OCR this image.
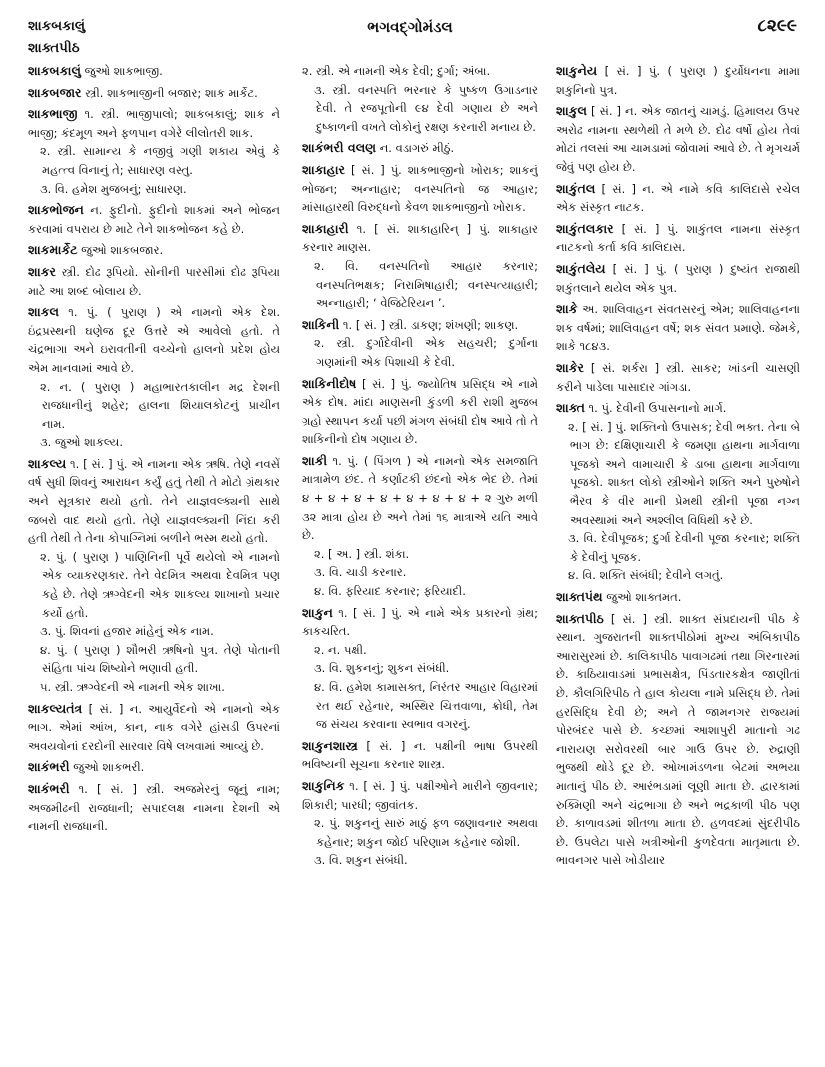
શાકબકાલું
શાક્તપીઠ
ભગવદ્ગોમંડલ	૮૨૯૯
શાકબકાલું જુઓ શાકભાજી.
શાકબજાર સ્ત્રી. શાકભાજીની બજાર; શાક માર્કેટ.
શાકભાજી ૧. સ્ત્રી. ભાજીપાલો; શાકબકાલું; શાક ને ભાજી; કંદમૂળ અને ફળપાન વગેરે લીલોતરી શાક.
૨. સ્ત્રી. સામાન્ય કે નજીવું ગણી શકાય એવું કે મહત્ત્વ વિનાનું તે; સાધારણ વસ્તુ.
૩. વિ. હમેશ મુજબનું; સાધારણ.
શાકભોજન ન. ફુદીનો. ફુદીનો શાકમાં અને ભોજન કરવામાં વપરાય છે માટે તેને શાકભોજન કહે છે.
શાકમાર્કેટ જુઓ શાકબજાર.
શાકર સ્ત્રી. દોઢ રૂપિયો. સોનીની પારસીમાં દોઢ રૂપિયા માટે આ શબ્દ બોલાય છે.
શાકલ ૧. પું. ( પુરાણ ) એ નામનો એક દેશ. ઇંદ્રપ્રસ્થની ઘણેજ દૂર ઉત્તરે એ આવેલો હતો. તે ચંદ્રભાગા અને ઇરાવતીની વચ્ચેનો હાલનો પ્રદેશ હોય એમ માનવામાં આવે છે.
૨. ન. ( પુરાણ ) મહાભારતકાલીન મદ્ર દેશની રાજધાનીનું શહેર; હાલના શિયાલકોટનું પ્રાચીન નામ.
૩. જુઓ શાકલ્ય.
શાકલ્ય ૧. [ સં. ] પું. એ નામના એક ઋષિ. તેણે નવસેં વર્ષ સુધી શિવનું આરાધન કર્યું હતું તેથી તે મોટો ગ્રંથકાર અને સૂત્રકાર થયો હતો. તેને યાજ્ઞવલ્ક્યની સાથે જબરો વાદ થયો હતો. તેણે યાજ્ઞવલ્ક્યની નિંદા કરી હતી તેથી તે તેના કોપાગ્નિમાં બળીને ભસ્મ થયો હતો.
૨. પું. ( પુરાણ ) પાણિનિની પૂર્વે થયેલો એ નામનો એક વ્યાકરણકાર. તેને વેદમિત્ર અથવા દેવમિત્ર પણ કહે છે. તેણે ઋગ્વેદની એક શાકલ્ય શાખાનો પ્રચાર કર્યો હતો.
૩. પું. શિવનાં હજાર માંહેનું એક નામ.
૪. પું. ( પુરાણ ) શૌભરી ઋષિનો પુત્ર. તેણે પોતાની સંહિતા પાંચ શિષ્યોને ભણાવી હતી.
૫. સ્ત્રી. ઋગ્વેદની એ નામની એક શાખા.
શાકલ્યતંત્ર [ સં. ] ન. આયુર્વેદનો એ નામનો એક ભાગ. એમાં આંખ, કાન, નાક વગેરે હાંસડી ઉપરનાં અવયવોનાં દરદોની સારવાર વિષે લખવામાં આવ્યું છે.
શાકંભરી જુઓ શાકભરી.
શાકંભરી ૧. [ સં. ] સ્ત્રી. અજમેરનું જૂનું નામ; અજમીઢની રાજધાની; સપાદલક્ષ નામના દેશની એ નામની રાજધાની.
૨. સ્ત્રી. એ નામની એક દેવી; દુર્ગા; અંબા.
૩. સ્ત્રી. વનસ્પતિ ભરનાર કે પુષ્કળ ઉગાડનાર દેવી. તે રજપૂતોની ૯૪ દેવી ગણાય છે અને દુષ્કાળની વખતે લોકોનું રક્ષણ કરનારી મનાય છે.
શાકંભરી વલણ ન. વડાગરું મીઠું.
શાકાહાર [ સં. ] પું. શાકભાજીનો ખોરાક; શાકનું ભોજન; અન્નાહાર; વનસ્પતિનો જ આહાર; માંસાહારથી વિરુદ્ધનો કેવળ શાકભાજીનો ખોરાક.
શાકાહારી ૧. [ સં. શાકાહારિન્ ] પું. શાકાહાર કરનાર માણસ.
૨. વિ. વનસ્પતિનો આહાર કરનાર; વનસ્પતિભક્ષક; નિરામિષાહારી; વનસ્પત્યાહારી; અન્નાહારી; ‘ વેજિટેરિયન ’.
શાકિની ૧. [ સં. ] સ્ત્રી. ડાકણ; શંખણી; શાકણ.
૨. સ્ત્રી. દુર્ગાદેવીની એક સહચરી; દુર્ગાના ગણમાંની એક પિશાચી કે દેવી.
શાકિનીદોષ [ સં. ] પું. જ્યોતિષ પ્રસિદ્ધ એ નામે એક દોષ. માંદા માણસની કુંડળી કરી રાશી મુજબ ગ્રહો સ્થાપન કર્યા પછી મંગળ સંબંધી દોષ આવે તો તે શાકિનીનો દોષ ગણાય છે.
શાકી ૧. પું. ( પિંગળ ) એ નામનો એક સમજાતિ માત્રામેળ છંદ. તે કર્ણાટકી છંદનો એક ભેદ છે. તેમાં ૪ + ૪ + ૪ + ૪ + ૪ + ૪ + ૪ + ૨ ગુરુ મળી ૩૨ માત્રા હોય છે અને તેમાં ૧૬ માત્રાએ યતિ આવે છે.
૨. [ અ. ] સ્ત્રી. શંકા.
૩. વિ. ચાડી કરનાર.
૪. વિ. ફરિયાદ કરનાર; ફરિયાદી.
શાકુન ૧. [ સં. ] પું. એ નામે એક પ્રકારનો ગ્રંથ; કાકચરિત.
૨. ન. પક્ષી.
૩. વિ. શુકનનું; શુકન સંબંધી.
૪. વિ. હમેશ કામાસક્ત, નિરંતર આહાર વિહારમાં રત થઈ રહેનાર, અસ્થિર ચિત્તવાળા, ક્રોધી, તેમ જ સંચય કરવાના સ્વભાવ વગરનું.
શાકુનશાસ્ત્ર [ સં. ] ન. પક્ષીની ભાષા ઉપરથી ભવિષ્યની સૂચના કરનાર શાસ્ત્ર.
શાકુનિક ૧. [ સં. ] પું. પક્ષીઓને મારીને જીવનાર; શિકારી; પારધી; જીવાંતક.
૨. પું. શકુનનું સારું માઠું ફળ જણાવનાર અથવા કહેનાર; શકુન જોઈ પરિણામ કહેનાર જોશી.
૩. વિ. શકુન સંબંધી.
શાકુનેય [ સં. ] પું. ( પુરાણ ) દુર્યોધનના મામા શકુનિનો પુત્ર.
શાકુલ [ સં. ] ન. એક જાતનું ચામડું. હિમાલય ઉપર અરોઢ નામના સ્થળેથી તે મળે છે. દોઢ વર્ષો હોય તેવાં મોટાં તલસાં આ ચામડામાં જોવામાં આવે છે. તે મૃગચર્મ જેવું પણ હોય છે.
શાકુંતલ [ સં. ] ન. એ નામે કવિ કાલિદાસે રચેલ એક સંસ્કૃત નાટક.
શાકુંતલકાર [ સં. ] પું. શાકુંતલ નામના સંસ્કૃત નાટકનો કર્તા કવિ કાલિદાસ.
શાકુંતલેય [ સં. ] પું. ( પુરાણ ) દુષ્યંત રાજાથી શકુંતલાને થયેલ એક પુત્ર.
શાકે અ. શાલિવાહન સંવતસરનું એમ; શાલિવાહનના શક વર્ષમાં; શાલિવાહન વર્ષે; શક સંવત પ્રમાણે. જેમકે, શાકે ૧૮૪૩.
શાકેર [ સં. શર્કરા ] સ્ત્રી. સાકર; ખાંડની ચાસણી કરીને પાડેલા પાસાદાર ગાંગડા.
શાક્ત ૧. પું. દેવીની ઉપાસનાનો માર્ગ.
૨. [ સં. ] પું. શક્તિનો ઉપાસક; દેવી ભક્ત. તેના બે ભાગ છે: દક્ષિણાચારી કે જમણા હાથના માર્ગવાળા પૂજકો અને વામાચારી કે ડાબા હાથના માર્ગવાળા પૂજકો. શાક્ત લોકો સ્ત્રીઓને શક્તિ અને પુરુષોને ભૈરવ કે વીર માની પ્રેમથી સ્ત્રીની પૂજા નગ્ન અવસ્થામાં અને અશ્લીલ વિધિથી કરે છે.
૩. વિ. દેવીપૂજક; દુર્ગા દેવીની પૂજા કરનાર; શક્તિ કે દેવીનું પૂજક.
૪. વિ. શક્તિ સંબંધી; દેવીને લગતું.
શાક્તપંથ જુઓ શાક્તમત.
શાક્તપીઠ [ સં. ] સ્ત્રી. શાક્ત સંપ્રદાયની પીઠ કે સ્થાન. ગુજરાતની શાક્તપીઠોમાં મુખ્ય અંબિકાપીઠ આરાસુરમાં છે. કાલિકાપીઠ પાવાગઢમાં તથા ગિરનારમાં છે. કાઠિયાવાડમાં પ્રભાસક્ષેત્ર, પિંડતારકક્ષેત્ર જાણીતાં છે. કૌલગિરિપીઠ તે હાલ કોયલા નામે પ્રસિદ્ધ છે. તેમાં હરસિદ્ધિ દેવી છે; અને તે જામનગર રાજ્યમાં પોરબંદર પાસે છે. કચ્છમાં આશાપુરી માતાનો ગઢ નારાયણ સરોવરથી બાર ગાઉ ઉપર છે. રુદ્રાણી ભુજથી થોડે દૂર છે. ઓખામંડળના બેટમાં અભયા માતાનું પીઠ છે. આરંભડામાં લૂણી માતા છે. દ્વારકામાં રુક્મિણી અને ચંદ્રભાગા છે અને ભદ્રકાળી પીઠ પણ છે. કાળાવડમાં શીતળા માતા છે. હળવદમાં સુંદરીપીઠ છે. ઉપલેટા પાસે ખત્રીઓની કુળદેવતા માતૃમાતા છે. ભાવનગર પાસે ખોડીયાર
